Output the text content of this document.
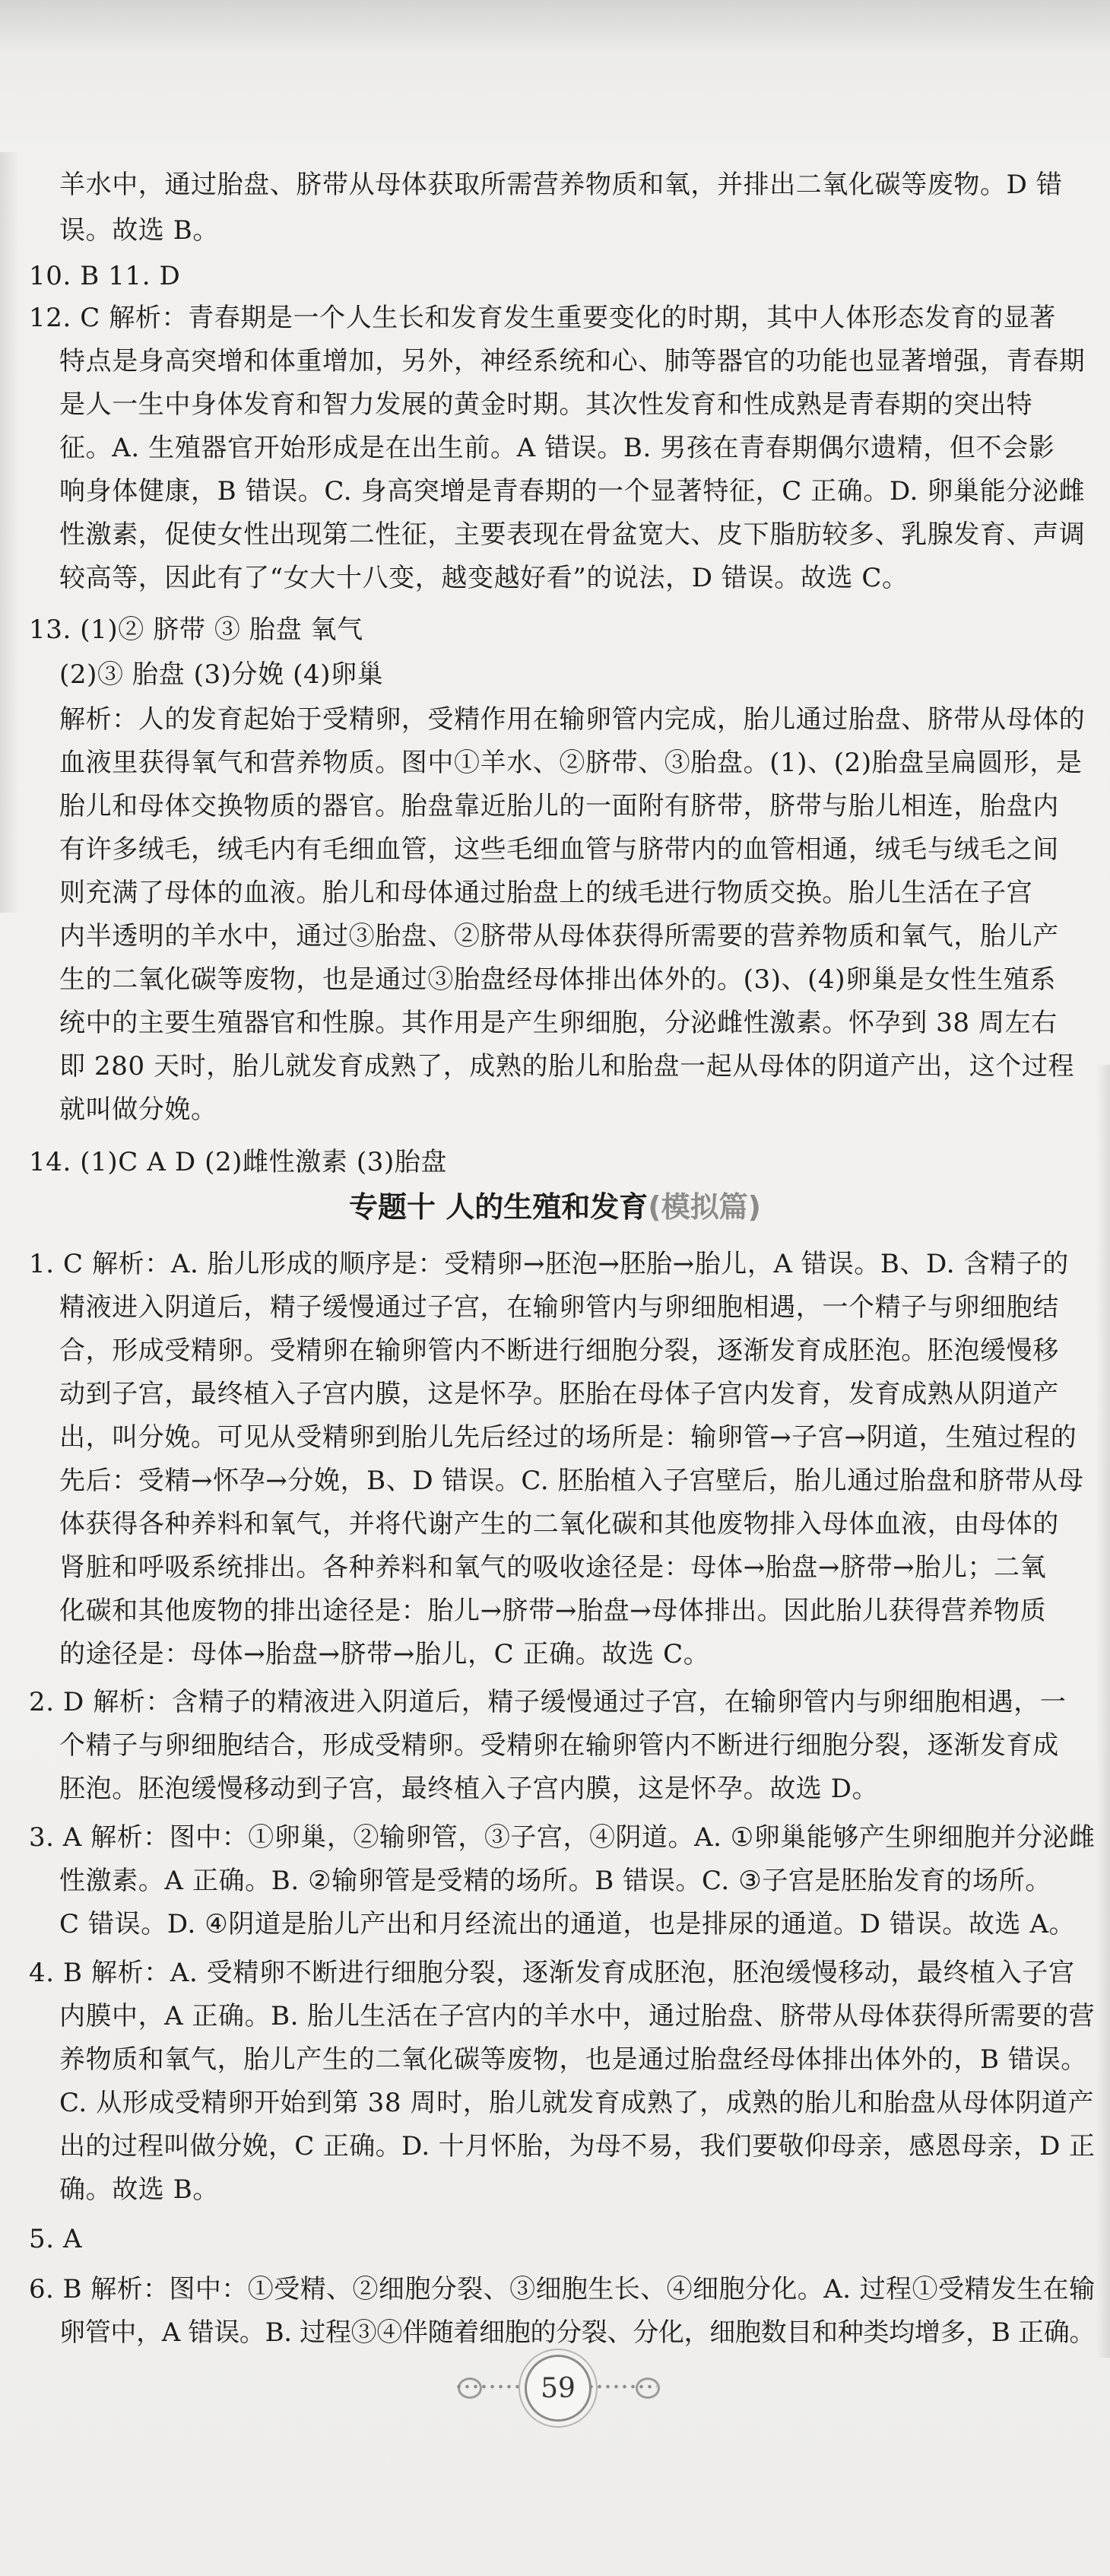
羊水中，通过胎盘、脐带从母体获取所需营养物质和氧，并排出二氧化碳等废物。D 错
误。故选 B。
10. B 11. D
12. C 解析：青春期是一个人生长和发育发生重要变化的时期，其中人体形态发育的显著
特点是身高突增和体重增加，另外，神经系统和心、肺等器官的功能也显著增强，青春期
是人一生中身体发育和智力发展的黄金时期。其次性发育和性成熟是青春期的突出特
征。A. 生殖器官开始形成是在出生前。A 错误。B. 男孩在青春期偶尔遗精，但不会影
响身体健康，B 错误。C. 身高突增是青春期的一个显著特征，C 正确。D. 卵巢能分泌雌
性激素，促使女性出现第二性征，主要表现在骨盆宽大、皮下脂肪较多、乳腺发育、声调
较高等，因此有了“女大十八变，越变越好看”的说法，D 错误。故选 C。
13. (1)② 脐带 ③ 胎盘 氧气
(2)③ 胎盘 (3)分娩 (4)卵巢
解析：人的发育起始于受精卵，受精作用在输卵管内完成，胎儿通过胎盘、脐带从母体的
血液里获得氧气和营养物质。图中①羊水、②脐带、③胎盘。(1)、(2)胎盘呈扁圆形，是
胎儿和母体交换物质的器官。胎盘靠近胎儿的一面附有脐带，脐带与胎儿相连，胎盘内
有许多绒毛，绒毛内有毛细血管，这些毛细血管与脐带内的血管相通，绒毛与绒毛之间
则充满了母体的血液。胎儿和母体通过胎盘上的绒毛进行物质交换。胎儿生活在子宫
内半透明的羊水中，通过③胎盘、②脐带从母体获得所需要的营养物质和氧气，胎儿产
生的二氧化碳等废物，也是通过③胎盘经母体排出体外的。(3)、(4)卵巢是女性生殖系
统中的主要生殖器官和性腺。其作用是产生卵细胞，分泌雌性激素。怀孕到 38 周左右
即 280 天时，胎儿就发育成熟了，成熟的胎儿和胎盘一起从母体的阴道产出，这个过程
就叫做分娩。
14. (1)C A D (2)雌性激素 (3)胎盘
专题十 人的生殖和发育(模拟篇)
1. C 解析：A. 胎儿形成的顺序是：受精卵→胚泡→胚胎→胎儿，A 错误。B、D. 含精子的
精液进入阴道后，精子缓慢通过子宫，在输卵管内与卵细胞相遇，一个精子与卵细胞结
合，形成受精卵。受精卵在输卵管内不断进行细胞分裂，逐渐发育成胚泡。胚泡缓慢移
动到子宫，最终植入子宫内膜，这是怀孕。胚胎在母体子宫内发育，发育成熟从阴道产
出，叫分娩。可见从受精卵到胎儿先后经过的场所是：输卵管→子宫→阴道，生殖过程的
先后：受精→怀孕→分娩，B、D 错误。C. 胚胎植入子宫壁后，胎儿通过胎盘和脐带从母
体获得各种养料和氧气，并将代谢产生的二氧化碳和其他废物排入母体血液，由母体的
肾脏和呼吸系统排出。各种养料和氧气的吸收途径是：母体→胎盘→脐带→胎儿；二氧
化碳和其他废物的排出途径是：胎儿→脐带→胎盘→母体排出。因此胎儿获得营养物质
的途径是：母体→胎盘→脐带→胎儿，C 正确。故选 C。
2. D 解析：含精子的精液进入阴道后，精子缓慢通过子宫，在输卵管内与卵细胞相遇，一
个精子与卵细胞结合，形成受精卵。受精卵在输卵管内不断进行细胞分裂，逐渐发育成
胚泡。胚泡缓慢移动到子宫，最终植入子宫内膜，这是怀孕。故选 D。
3. A 解析：图中：①卵巢，②输卵管，③子宫，④阴道。A. ①卵巢能够产生卵细胞并分泌雌
性激素。A 正确。B. ②输卵管是受精的场所。B 错误。C. ③子宫是胚胎发育的场所。
C 错误。D. ④阴道是胎儿产出和月经流出的通道，也是排尿的通道。D 错误。故选 A。
4. B 解析：A. 受精卵不断进行细胞分裂，逐渐发育成胚泡，胚泡缓慢移动，最终植入子宫
内膜中，A 正确。B. 胎儿生活在子宫内的羊水中，通过胎盘、脐带从母体获得所需要的营
养物质和氧气，胎儿产生的二氧化碳等废物，也是通过胎盘经母体排出体外的，B 错误。
C. 从形成受精卵开始到第 38 周时，胎儿就发育成熟了，成熟的胎儿和胎盘从母体阴道产
出的过程叫做分娩，C 正确。D. 十月怀胎，为母不易，我们要敬仰母亲，感恩母亲，D 正
确。故选 B。
5. A
6. B 解析：图中：①受精、②细胞分裂、③细胞生长、④细胞分化。A. 过程①受精发生在输
卵管中，A 错误。B. 过程③④伴随着细胞的分裂、分化，细胞数目和种类均增多，B 正确。
59
